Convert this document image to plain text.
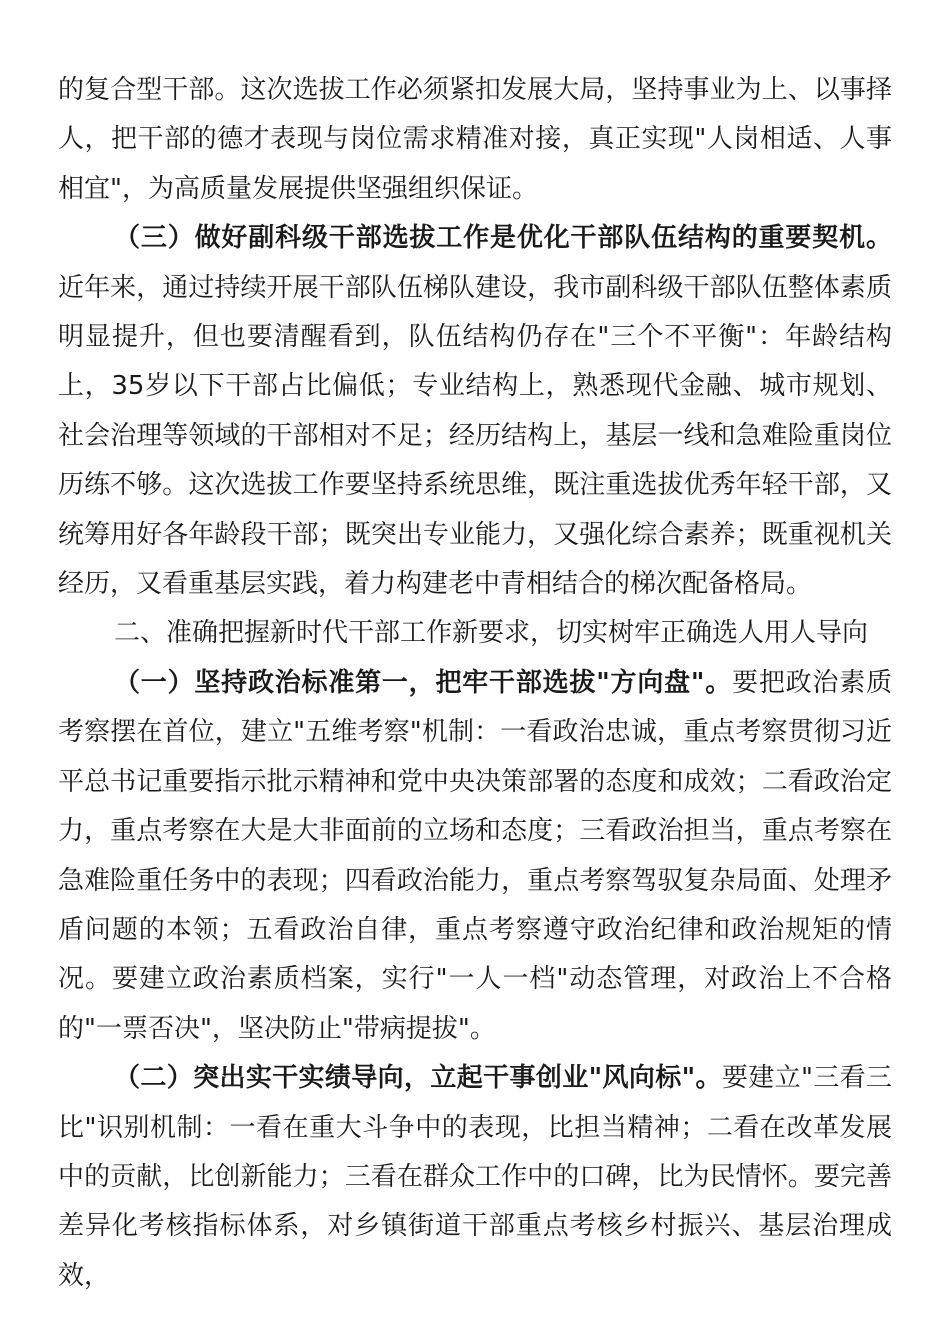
的复合型干部。这次选拔工作必须紧扣发展大局，坚持事业为上、以事择人，把干部的德才表现与岗位需求精准对接，真正实现"人岗相适、人事相宜"，为高质量发展提供坚强组织保证。

（三）做好副科级干部选拔工作是优化干部队伍结构的重要契机。近年来，通过持续开展干部队伍梯队建设，我市副科级干部队伍整体素质明显提升，但也要清醒看到，队伍结构仍存在"三个不平衡"：年龄结构上，35岁以下干部占比偏低；专业结构上，熟悉现代金融、城市规划、社会治理等领域的干部相对不足；经历结构上，基层一线和急难险重岗位历练不够。这次选拔工作要坚持系统思维，既注重选拔优秀年轻干部，又统筹用好各年龄段干部；既突出专业能力，又强化综合素养；既重视机关经历，又看重基层实践，着力构建老中青相结合的梯次配备格局。

二、准确把握新时代干部工作新要求，切实树牢正确选人用人导向

（一）坚持政治标准第一，把牢干部选拔"方向盘"。要把政治素质考察摆在首位，建立"五维考察"机制：一看政治忠诚，重点考察贯彻习近平总书记重要指示批示精神和党中央决策部署的态度和成效；二看政治定力，重点考察在大是大非面前的立场和态度；三看政治担当，重点考察在急难险重任务中的表现；四看政治能力，重点考察驾驭复杂局面、处理矛盾问题的本领；五看政治自律，重点考察遵守政治纪律和政治规矩的情况。要建立政治素质档案，实行"一人一档"动态管理，对政治上不合格的"一票否决"，坚决防止"带病提拔"。

（二）突出实干实绩导向，立起干事创业"风向标"。要建立"三看三比"识别机制：一看在重大斗争中的表现，比担当精神；二看在改革发展中的贡献，比创新能力；三看在群众工作中的口碑，比为民情怀。要完善差异化考核指标体系，对乡镇街道干部重点考核乡村振兴、基层治理成效，
